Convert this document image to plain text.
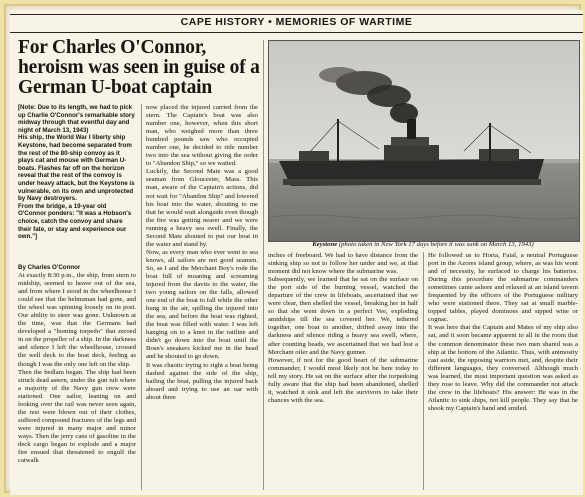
CAPE HISTORY • MEMORIES OF WARTIME
For Charles O'Connor, heroism was seen in guise of a German U-boat captain
[Note: Due to its length, we had to pick up Charlie O'Connor's remarkable story midway through that eventful day and night of March 13, 1943)
His ship, the World War I liberty ship Keystone, had become separated from the rest of the 80-ship convoy as it plays cat and mouse with German U-boats. Flashes far off on the horizon reveal that the rest of the convoy is under heavy attack, but the Keystone is vulnerable, on its own and unprotected by Navy destroyers.
From the bridge, a 19-year old O'Connor ponders: "It was a Hobson's choice, catch the convoy and share their fate, or stay and experience our own."]
By Charles O'Connor
At exactly 8:30 p.m., the ship, from stern to midship, seemed to heave out of the sea, and from where I stood in the wheelhouse I could see that the helmsman had gone, and the wheel was spinning loosely on its post. Our ability to steer was gone. Unknown at the time, was that the Germans had developed a "homing torpedo" that zeroed in on the propeller of a ship. In the darkness and silence I left the wheelhouse, crossed the well deck to the boat deck, feeling as though I was the only one left on the ship.
Then the bedlam began. The ship had been struck dead astern, under the gun tub where a majority of the Navy gun crew were stationed. One sailor, leaning on and looking over the rail was never seen again, the rest were blown out of their clothes, suffered compound fractures of the legs and were injured in many major and minor ways. Then the jerry cans of gasoline in the deck cargo began to explode and a major fire ensued that threatened to engulf the catwalk
now placed the injured carried from the stern. The Captain's boat was also number one, however, when this short man, who weighed more than three hundred pounds saw who occupied number one, he decided to ride number two into the sea without giving the order to "Abandon Ship," so we waited.
Luckily, the Second Mate was a good seaman from Gloucester, Mass. This man, aware of the Captain's actions, did not wait for "Abandon Ship" and lowered his boat into the water, shouting to me that he would wait alongside even though the fire was getting nearer and we were running a heavy sea swell. Finally, the Second Mate shouted to put our boat in the water and stand by.
Now, as every man who ever went to sea knows, all sailors are not good seamen. So, as I and the Merchant Boy's rode the boat full of moaning and screaming injured from the davits to the water, the two young sailors on the falls, allowed one end of the boat to fall while the other hung in the air, spilling the injured into the sea, and before the boat was righted, the boat was filled with water. I was left hanging on to a knot in the rattline and didn't go down into the boat until the Bosn's sneakers kicked me in the head and he shouted to go down.
It was chaotic trying to right a boat being dashed against the side of the ship, bailing the boat, pulling the injured back aboard and trying to use an oar with about three
Keystone (photo taken in New York 17 days before it was sunk on March 13, 1943)
inches of freeboard. We had to have distance from the sinking ship so not to follow her under and we, at that moment did not know where the submarine was.
Subsequently, we learned that he sat on the surface on the port side of the burning vessel, watched the departure of the crew in lifeboats, ascertained that we were clear, then shelled the vessel, breaking her in half so that she went down in a perfect Vee, exploding amidships till the sea covered her. We, tethered together, one boat to another, drifted away into the darkness and silence riding a heavy sea swell, where, after counting heads, we ascertained that we had lost a Merchant oiler and the Navy gunner.
However, if not for the good heart of the submarine commander, I would most likely not be here today to tell my story. He sat on the surface after the torpedoing fully aware that the ship had been abandoned, shelled it, watched it sink and left the survivors to take their chances with the sea.
He followed us to Horta, Faial, a neutral Portuguese port in the Azores island group, where, as was his wont and of necessity, he surfaced to charge his batteries. During this procedure the submarine commanders sometimes came ashore and relaxed at an island tavern frequented by the officers of the Portuguese military who were stationed there. They sat at small marble-topped tables, played dominoes and sipped wine or cognac.
It was here that the Captain and Mates of my ship also sat, and it soon became apparent to all in the room that the common denominator these two men shared was a ship at the bottom of the Atlantic. Thus, with animosity cast aside, the opposing warriors met, and, despite their different languages, they conversed. Although much was learned, the most important question was asked as they rose to leave. Why did the commander not attack the crew in the lifeboats? His answer: He was in the Atlantic to sink ships, not kill people. They say that he shook my Captain's hand and smiled.
